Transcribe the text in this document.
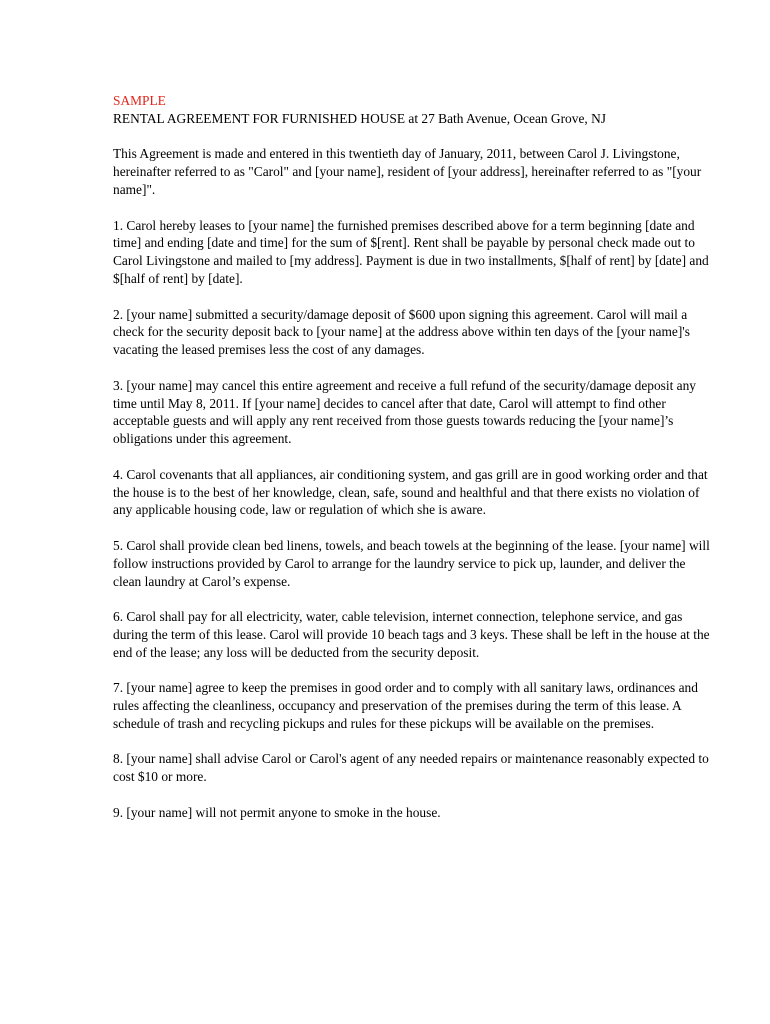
SAMPLE

RENTAL AGREEMENT FOR FURNISHED HOUSE at 27 Bath Avenue, Ocean Grove, NJ

This Agreement is made and entered in this twentieth day of January, 2011, between Carol J. Livingstone, hereinafter referred to as "Carol" and [your name], resident of [your address], hereinafter referred to as "[your name]".

1. Carol hereby leases to [your name] the furnished premises described above for a term beginning [date and time] and ending [date and time] for the sum of $[rent]. Rent shall be payable by personal check made out to Carol Livingstone and mailed to [my address]. Payment is due in two installments, $[half of rent] by [date] and $[half of rent] by [date].

2. [your name] submitted a security/damage deposit of $600 upon signing this agreement. Carol will mail a check for the security deposit back to [your name] at the address above within ten days of the [your name]'s vacating the leased premises less the cost of any damages.

3. [your name] may cancel this entire agreement and receive a full refund of the security/damage deposit any time until May 8, 2011. If [your name] decides to cancel after that date, Carol will attempt to find other acceptable guests and will apply any rent received from those guests towards reducing the [your name]’s obligations under this agreement.

4. Carol covenants that all appliances, air conditioning system, and gas grill are in good working order and that the house is to the best of her knowledge, clean, safe, sound and healthful and that there exists no violation of any applicable housing code, law or regulation of which she is aware.

5. Carol shall provide clean bed linens, towels, and beach towels at the beginning of the lease. [your name] will follow instructions provided by Carol to arrange for the laundry service to pick up, launder, and deliver the clean laundry at Carol’s expense.

6. Carol shall pay for all electricity, water, cable television, internet connection, telephone service, and gas during the term of this lease. Carol will provide 10 beach tags and 3 keys. These shall be left in the house at the end of the lease; any loss will be deducted from the security deposit.

7. [your name] agree to keep the premises in good order and to comply with all sanitary laws, ordinances and rules affecting the cleanliness, occupancy and preservation of the premises during the term of this lease. A schedule of trash and recycling pickups and rules for these pickups will be available on the premises.

8. [your name] shall advise Carol or Carol's agent of any needed repairs or maintenance reasonably expected to cost $10 or more.

9. [your name] will not permit anyone to smoke in the house.
